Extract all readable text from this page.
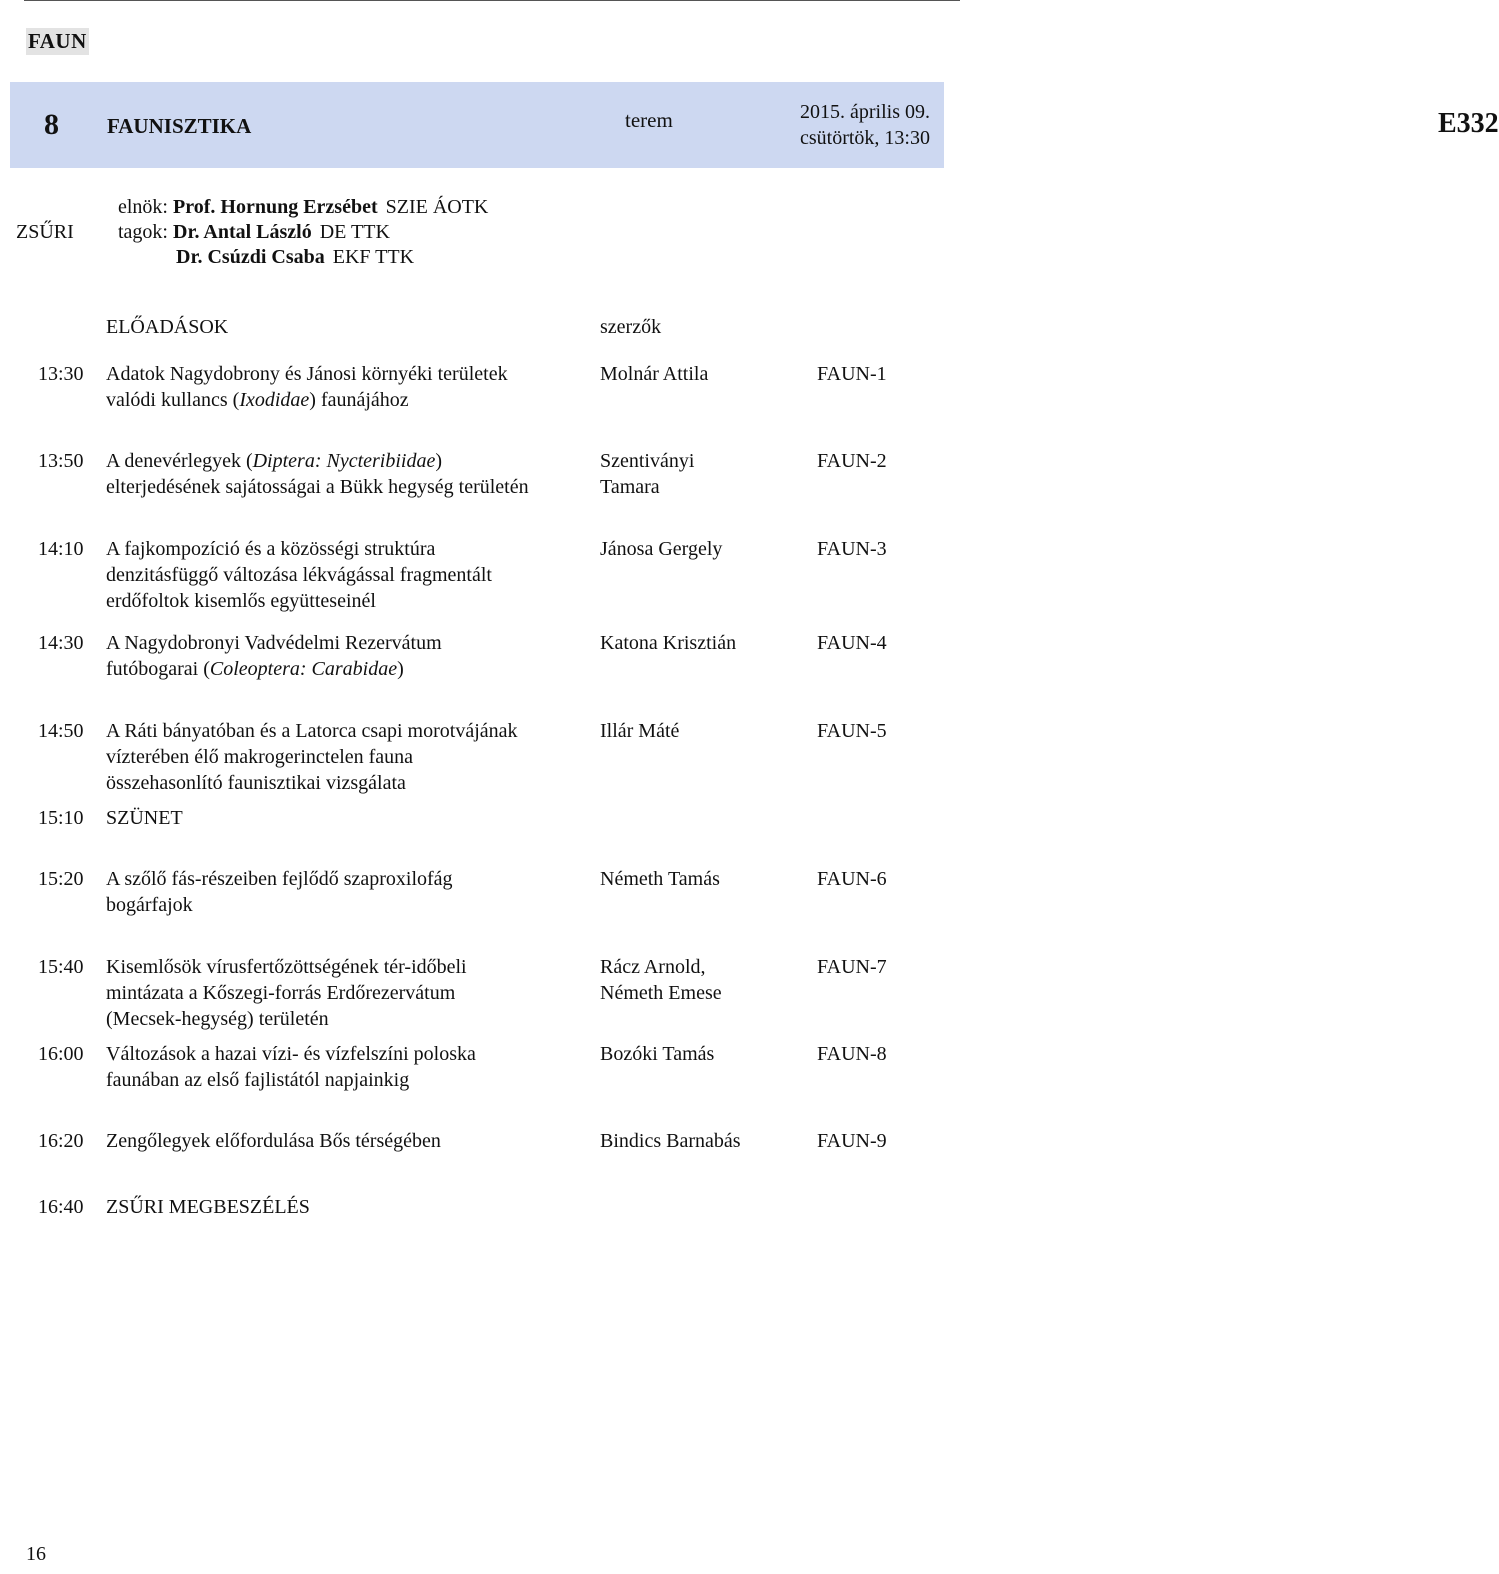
FAUN
8 FAUNISZTIKA	E332
terem	2015. április 09.
csütörtök, 13:30
ZSŰRI
elnök: Prof. Hornung Erzsébet SZIE ÁOTK
tagok: Dr. Antal László DE TTK
Dr. Csúzdi Csaba EKF TTK
ELŐADÁSOK	szerzők
13:30 Adatok Nagydobrony és Jánosi környéki területek
valódi kullancs (Ixodidae) faunájához
Molnár Attila	FAUN-1
13:50 A denevérlegyek (Diptera: Nycteribiidae)
elterjedésének sajátosságai a Bükk hegység területén
Szentiványi
Tamara
FAUN-2
14:10 A fajkompozíció és a közösségi struktúra
denzitásfüggő változása lékvágással fragmentált
erdőfoltok kisemlős együtteseinél
Jánosa Gergely	FAUN-3
14:30 A Nagydobronyi Vadvédelmi Rezervátum
futóbogarai (Coleoptera: Carabidae)
Katona Krisztián	FAUN-4
14:50 A Ráti bányatóban és a Latorca csapi morotvájának
vízterében élő makrogerinctelen fauna
összehasonlító faunisztikai vizsgálata
Illár Máté	FAUN-5
15:10 SZÜNET
15:20 A szőlő fás-részeiben fejlődő szaproxilofág
bogárfajok
Németh Tamás	FAUN-6
15:40 Kisemlősök vírusfertőzöttségének tér-időbeli
mintázata a Kőszegi-forrás Erdőrezervátum
(Mecsek-hegység) területén
Rácz Arnold,
Németh Emese
FAUN-7
16:00 Változások a hazai vízi- és vízfelszíni poloska
faunában az első fajlistától napjainkig
Bozóki Tamás	FAUN-8
16:20 Zengőlegyek előfordulása Bős térségében	Bindics Barnabás	FAUN-9
16:40 ZSŰRI MEGBESZÉLÉS
16
